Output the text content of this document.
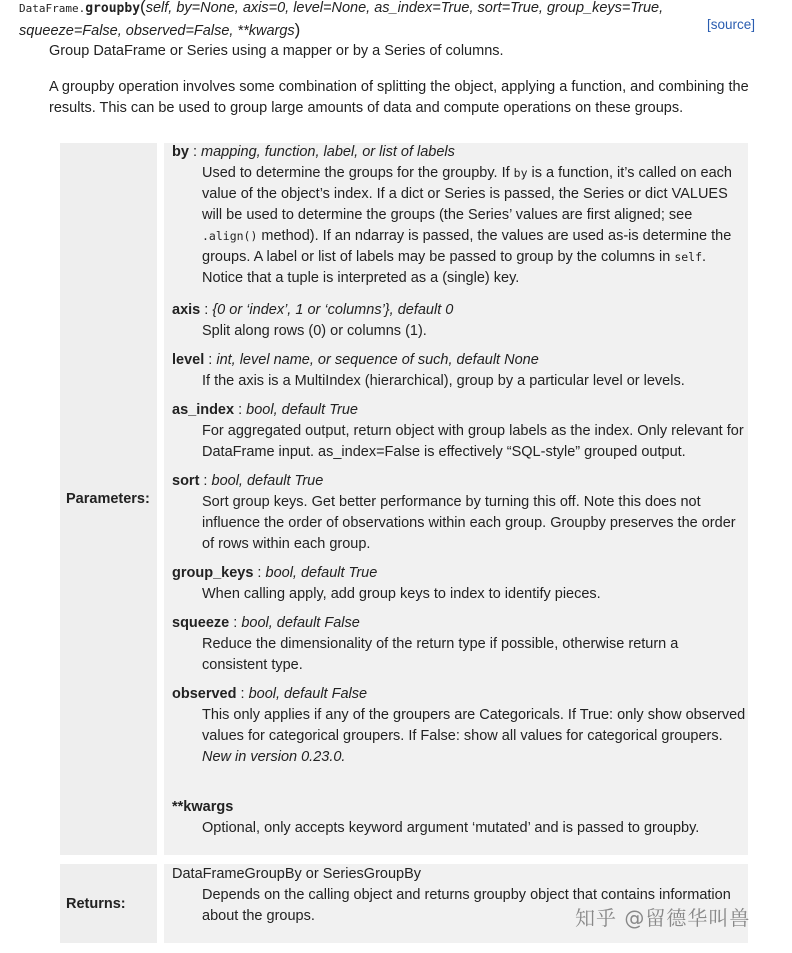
DataFrame.groupby(self, by=None, axis=0, level=None, as_index=True, sort=True, group_keys=True,
squeeze=False, observed=False, **kwargs)	[source]
Group DataFrame or Series using a mapper or by a Series of columns.
A groupby operation involves some combination of splitting the object, applying a function, and combining the results. This can be used to group large amounts of data and compute operations on these groups.
Parameters:
by : mapping, function, label, or list of labels
Used to determine the groups for the groupby. If by is a function, it’s called on each value of the object’s index. If a dict or Series is passed, the Series or dict VALUES will be used to determine the groups (the Series’ values are first aligned; see .align() method). If an ndarray is passed, the values are used as-is determine the groups. A label or list of labels may be passed to group by the columns in self. Notice that a tuple is interpreted as a (single) key.
axis : {0 or ‘index’, 1 or ‘columns’}, default 0
Split along rows (0) or columns (1).
level : int, level name, or sequence of such, default None
If the axis is a MultiIndex (hierarchical), group by a particular level or levels.
as_index : bool, default True
For aggregated output, return object with group labels as the index. Only relevant for DataFrame input. as_index=False is effectively “SQL-style” grouped output.
sort : bool, default True
Sort group keys. Get better performance by turning this off. Note this does not influence the order of observations within each group. Groupby preserves the order of rows within each group.
group_keys : bool, default True
When calling apply, add group keys to index to identify pieces.
squeeze : bool, default False
Reduce the dimensionality of the return type if possible, otherwise return a consistent type.
observed : bool, default False
This only applies if any of the groupers are Categoricals. If True: only show observed values for categorical groupers. If False: show all values for categorical groupers.
New in version 0.23.0.
**kwargs
Optional, only accepts keyword argument ‘mutated’ and is passed to groupby.
Returns:
DataFrameGroupBy or SeriesGroupBy
Depends on the calling object and returns groupby object that contains information about the groups.	知乎 @留德华叫兽
